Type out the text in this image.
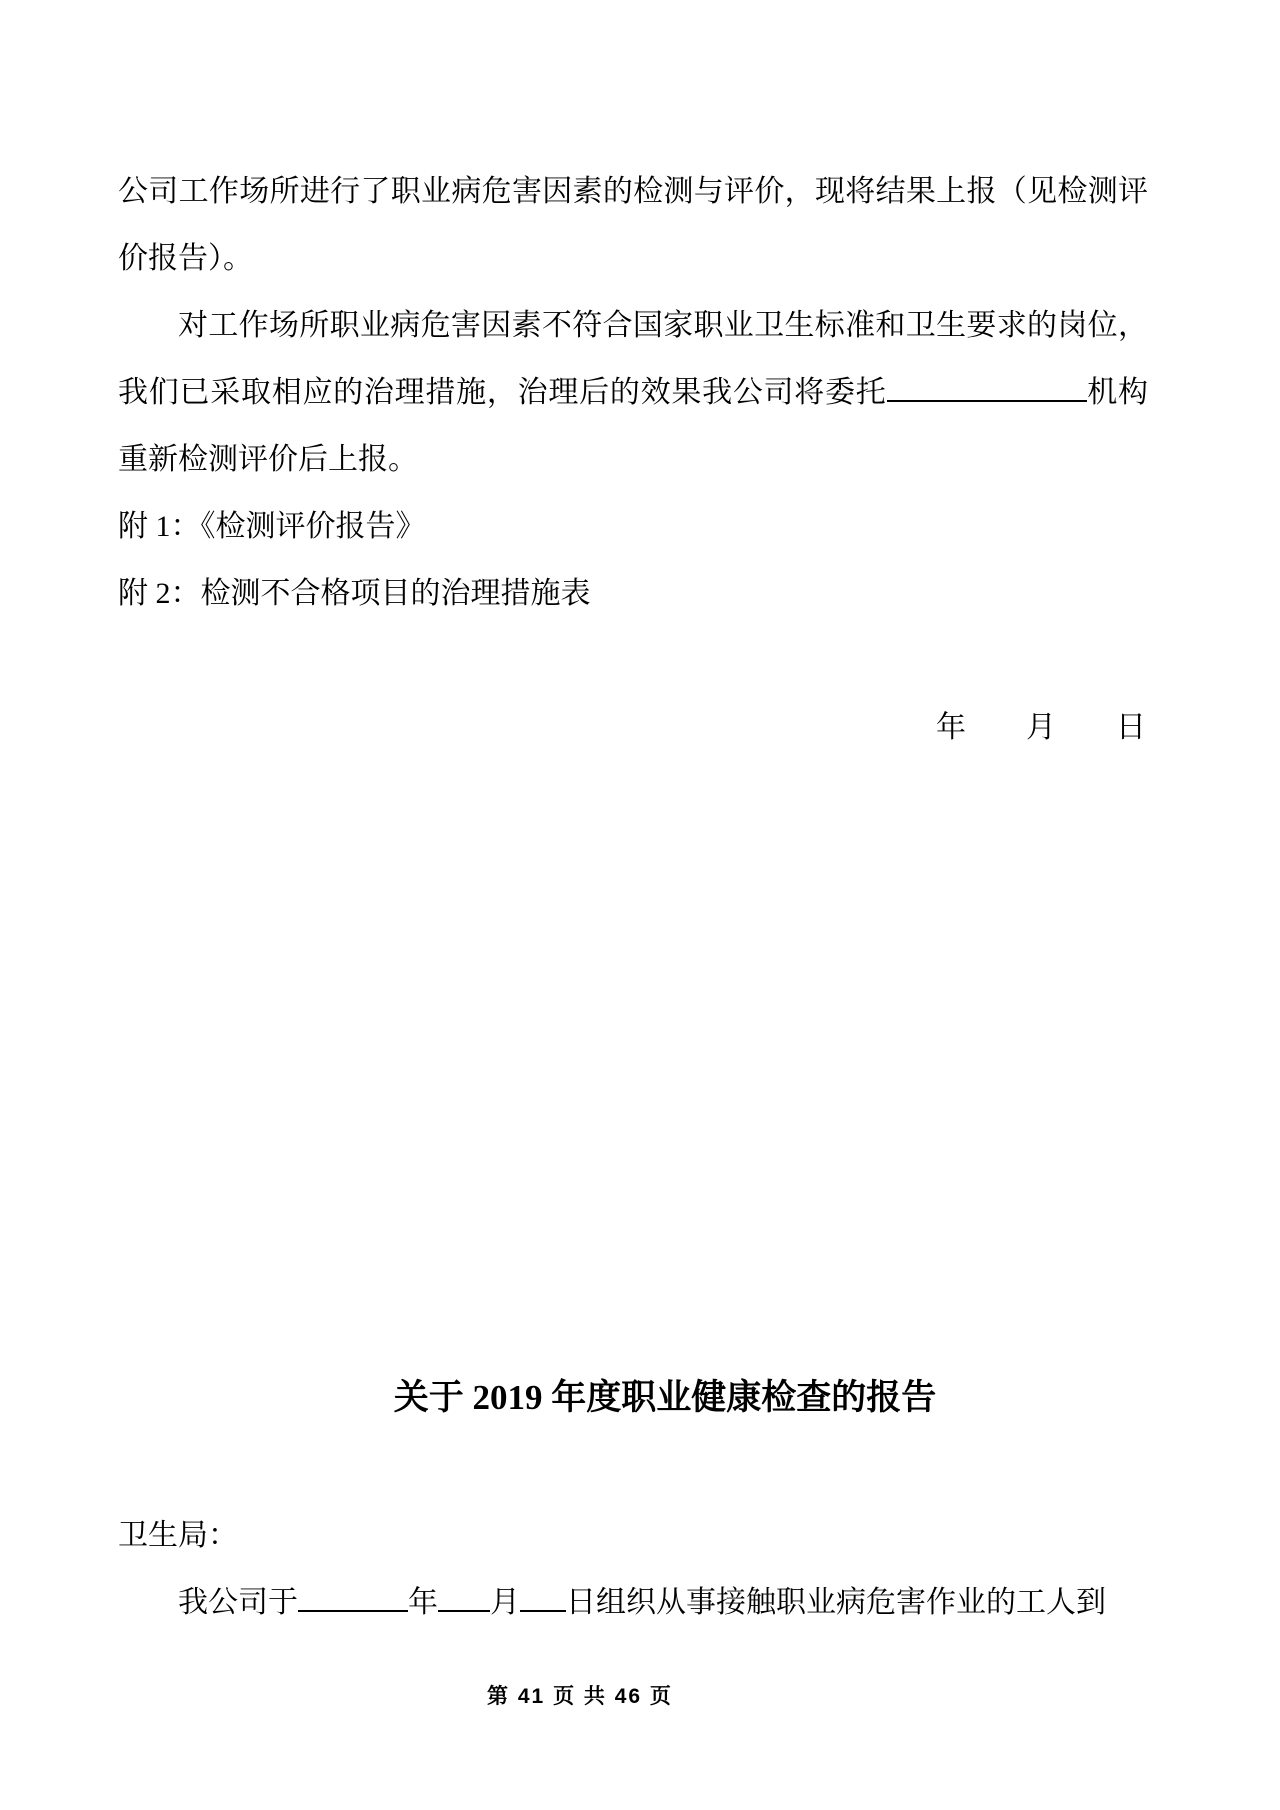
公司工作场所进行了职业病危害因素的检测与评价，现将结果上报（见检测评价报告）。

对工作场所职业病危害因素不符合国家职业卫生标准和卫生要求的岗位，我们已采取相应的治理措施，治理后的效果我公司将委托	机构重新检测评价后上报。

附 1：《检测评价报告》
附 2：检测不合格项目的治理措施表
年　　月　　日
关于 2019 年度职业健康检查的报告
卫生局：
我公司于	年 月 日组织从事接触职业病危害作业的工人到
第 41 页 共 46 页
